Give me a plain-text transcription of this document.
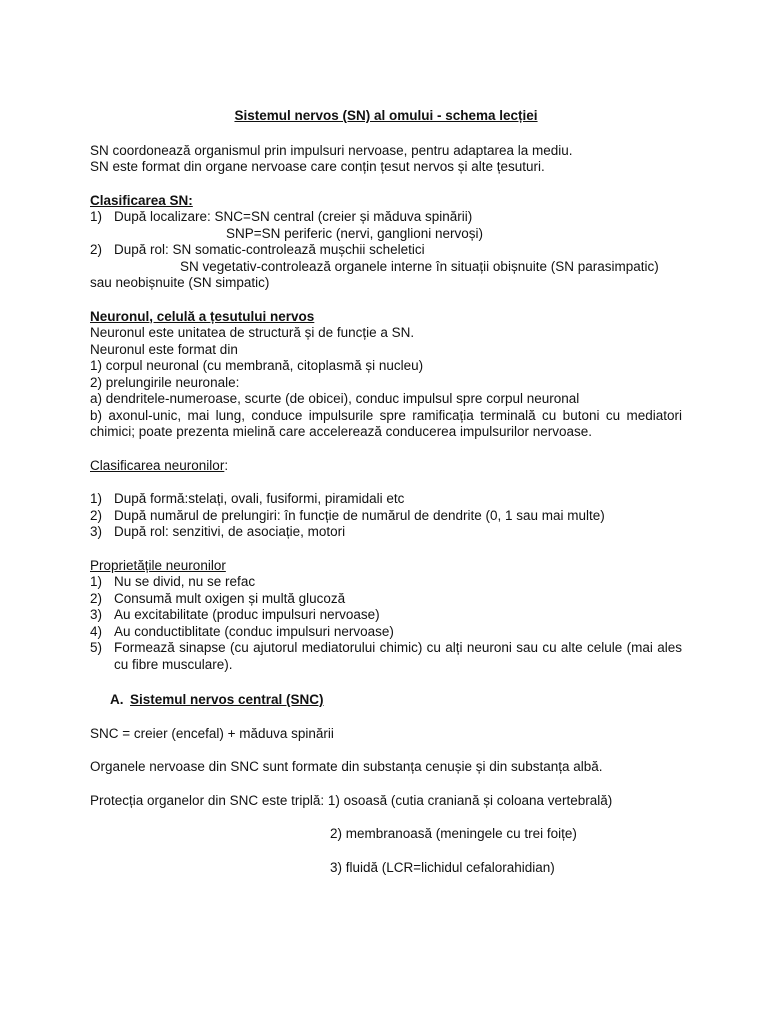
Sistemul nervos (SN) al omului - schema lecției

SN coordonează organismul prin impulsuri nervoase, pentru adaptarea la mediu.

SN este format din organe nervoase care conțin țesut nervos și alte țesuturi.

Clasificarea SN:

1) După localizare: SNC=SN central (creier și măduva spinării)

SNP=SN periferic (nervi, ganglioni nervoși)

2) După rol: SN somatic-controlează mușchii scheletici

SN vegetativ-controlează organele interne în situații obișnuite (SN parasimpatic)

sau neobișnuite (SN simpatic)

Neuronul, celulă a țesutului nervos

Neuronul este unitatea de structură și de funcție a SN.

Neuronul este format din

1) corpul neuronal (cu membrană, citoplasmă și nucleu)

2) prelungirile neuronale:

a) dendritele-numeroase, scurte (de obicei), conduc impulsul spre corpul neuronal

b) axonul-unic, mai lung, conduce impulsurile spre ramificația terminală cu butoni cu mediatori chimici; poate prezenta mielină care accelerează conducerea impulsurilor nervoase.

Clasificarea neuronilor:

1) După formă:stelați, ovali, fusiformi, piramidali etc
2) După numărul de prelungiri: în funcție de numărul de dendrite (0, 1 sau mai multe)
3) După rol: senzitivi, de asociație, motori

Proprietățile neuronilor

1) Nu se divid, nu se refac
2) Consumă mult oxigen și multă glucoză
3) Au excitabilitate (produc impulsuri nervoase)
4) Au conductiblitate (conduc impulsuri nervoase)
5) Formează sinapse (cu ajutorul mediatorului chimic) cu alți neuroni sau cu alte celule (mai ales cu fibre musculare).
A. Sistemul nervos central (SNC)

SNC = creier (encefal) + măduva spinării

Organele nervoase din SNC sunt formate din substanța cenușie și din substanța albă.

Protecția organelor din SNC este triplă: 1) osoasă (cutia craniană și coloana vertebrală)

2) membranoasă (meningele cu trei foițe)

3) fluidă (LCR=lichidul cefalorahidian)
